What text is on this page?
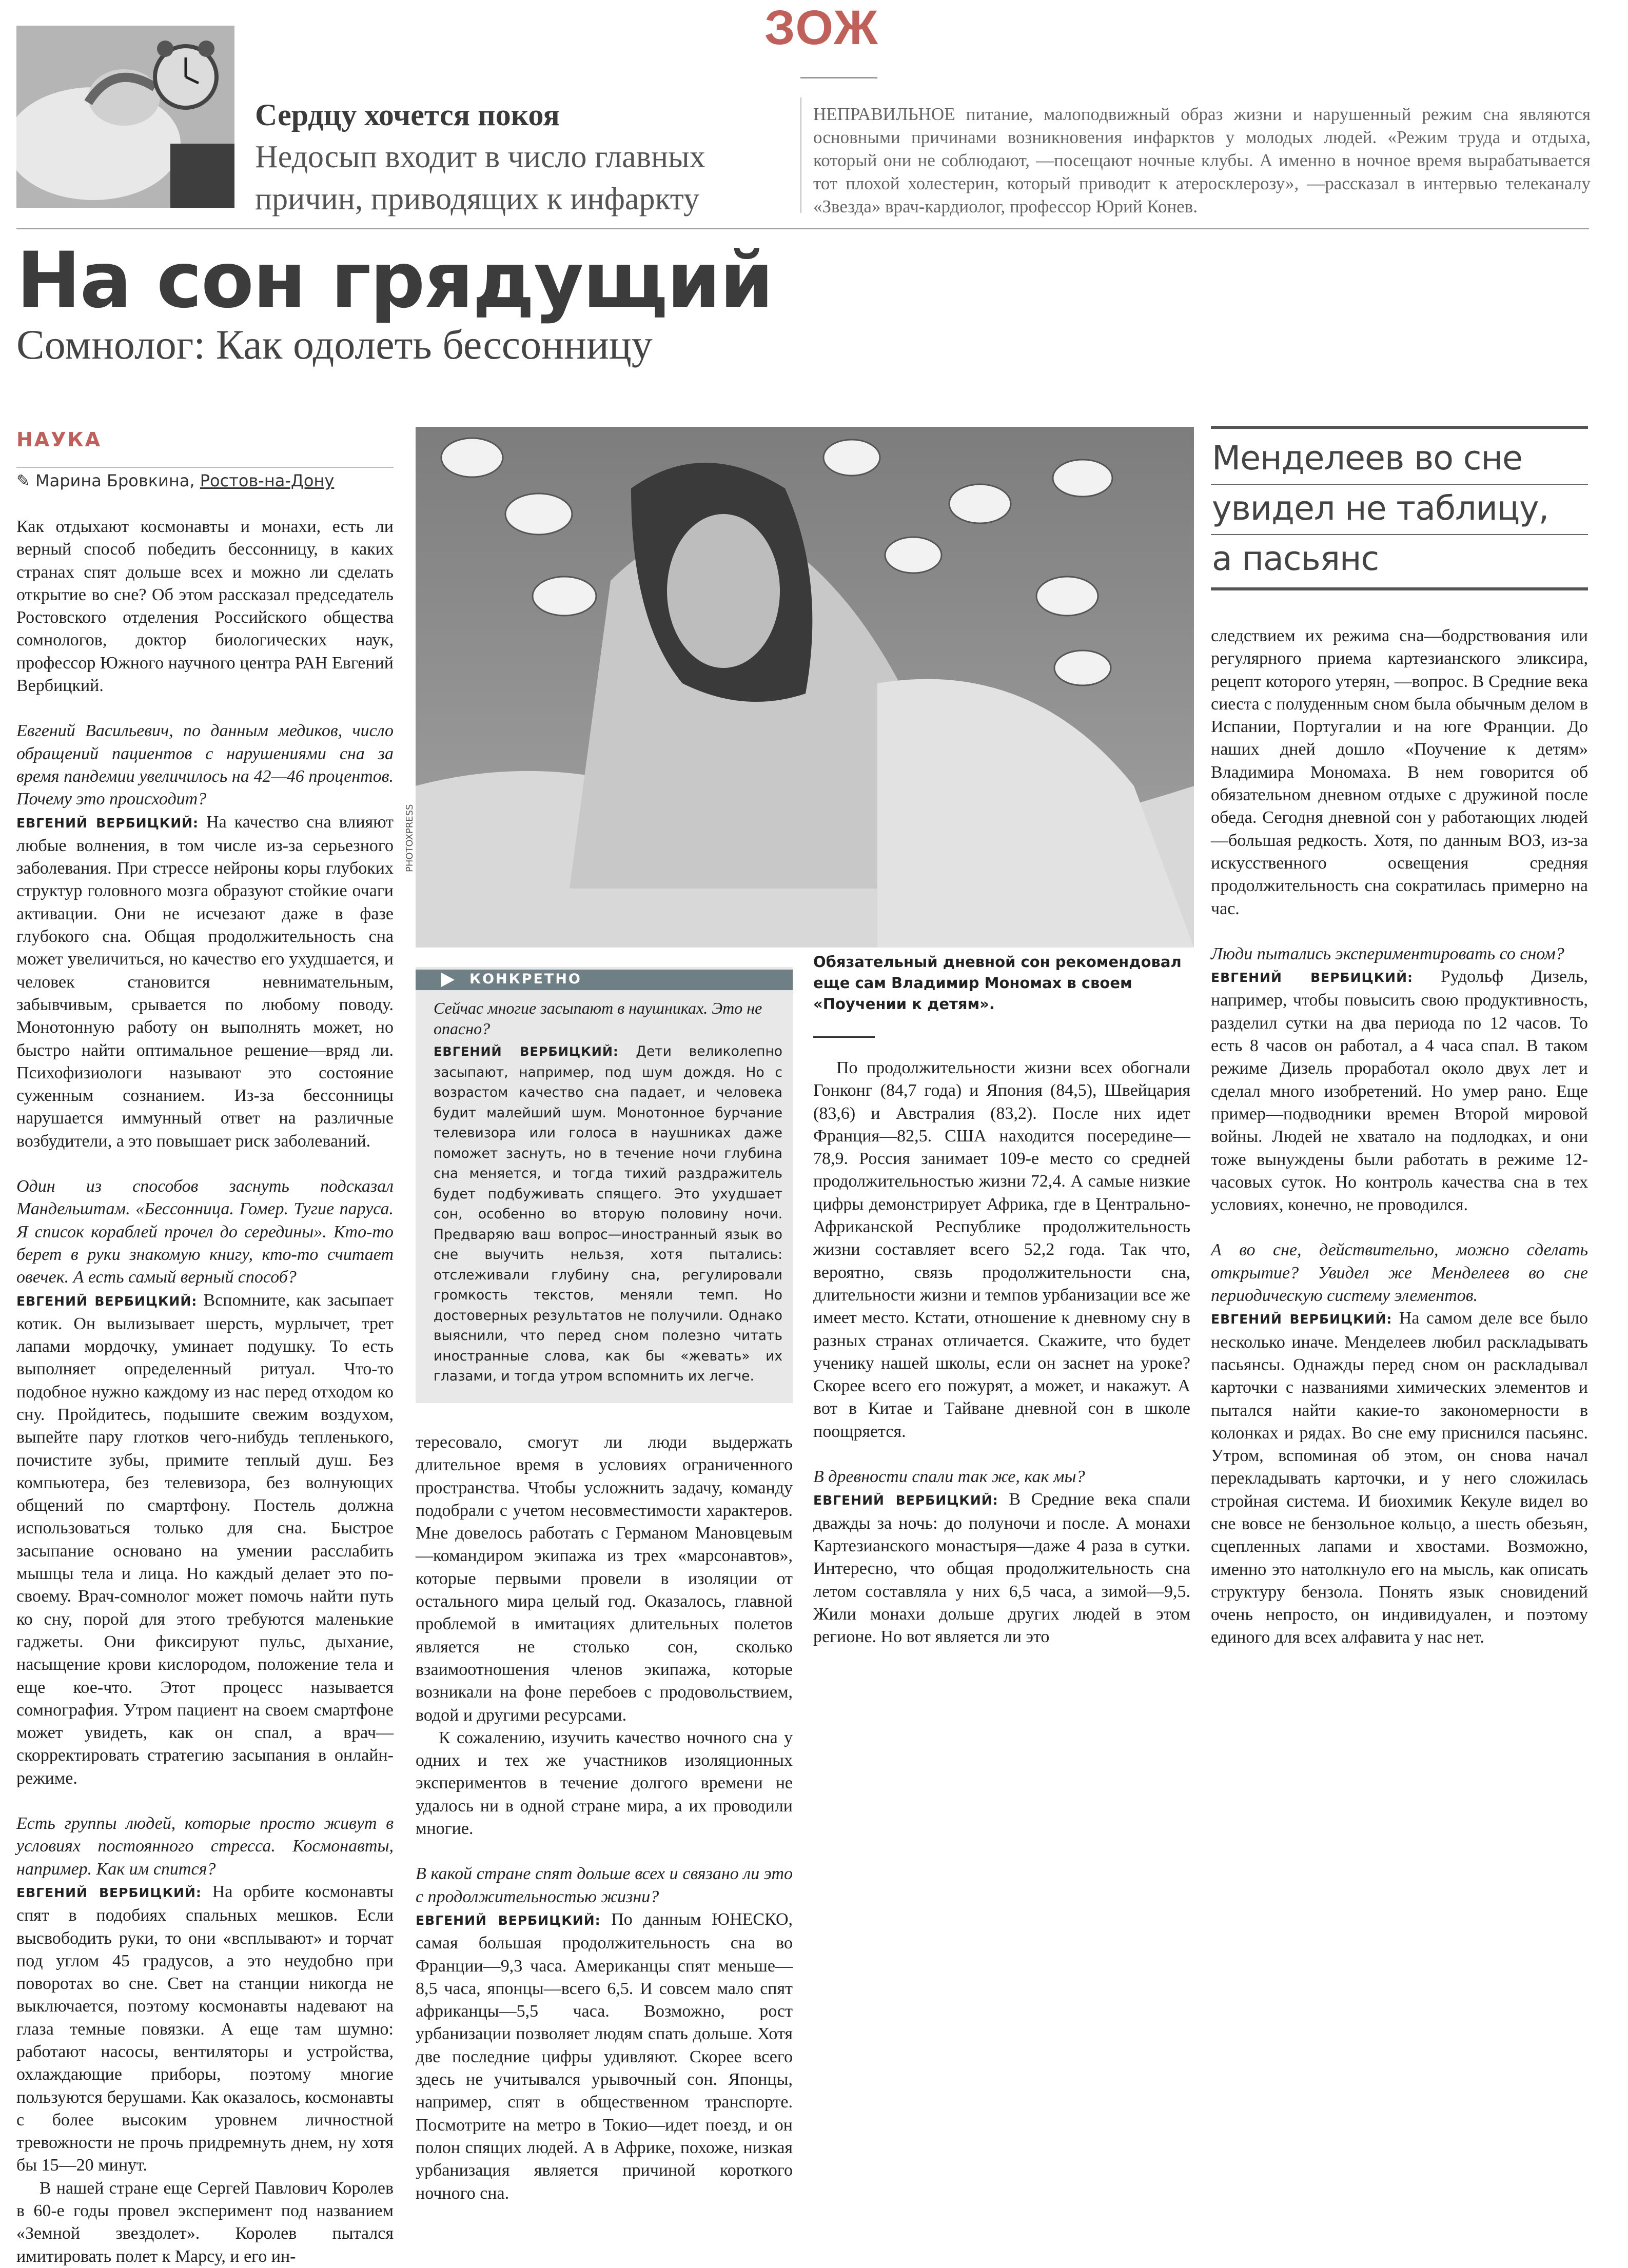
ЗОЖ
Сердцу хочется покоя
Недосып входит в число главных
причин, приводящих к инфаркту
НЕПРАВИЛЬНОЕ питание, малоподвижный образ жизни и нарушенный режим сна являются основными причинами возникновения инфарктов у молодых людей. «Режим труда и отдыха, который они не соблюдают, —посещают ночные клубы. А именно в ночное время вырабатывается тот плохой холестерин, который приводит к атеросклерозу», —рассказал в интервью телеканалу «Звезда» врач-кардиолог, профессор Юрий Конев.
На сон грядущий
Сомнолог: Как одолеть бессонницу
НАУКА
✎ Марина Бровкина, Ростов-на-Дону

Как отдыхают космонавты и монахи, есть ли верный способ победить бессонницу, в каких странах спят дольше всех и можно ли сделать открытие во сне? Об этом рассказал председатель Ростовского отделения Российского общества сомнологов, доктор биологических наук, профессор Южного научного центра РАН Евгений Вербицкий.

Евгений Васильевич, по данным медиков, число обращений пациентов с нарушениями сна за время пандемии увеличилось на 42—46 процентов. Почему это происходит?

ЕВГЕНИЙ ВЕРБИЦКИЙ: На качество сна влияют любые волнения, в том числе из-за серьезного заболевания. При стрессе нейроны коры глубоких структур головного мозга образуют стойкие очаги активации. Они не исчезают даже в фазе глубокого сна. Общая продолжительность сна может увеличиться, но качество его ухудшается, и человек становится невнимательным, забывчивым, срывается по любому поводу. Монотонную работу он выполнять может, но быстро найти оптимальное решение—вряд ли. Психофизиологи называют это состояние суженным сознанием. Из-за бессонницы нарушается иммунный ответ на различные возбудители, а это повышает риск заболеваний.

Один из способов заснуть подсказал Мандельштам. «Бессонница. Гомер. Тугие паруса. Я список кораблей прочел до середины». Кто-то берет в руки знакомую книгу, кто-то считает овечек. А есть самый верный способ?

ЕВГЕНИЙ ВЕРБИЦКИЙ: Вспомните, как засыпает котик. Он вылизывает шерсть, мурлычет, трет лапами мордочку, уминает подушку. То есть выполняет определенный ритуал. Что-то подобное нужно каждому из нас перед отходом ко сну. Пройдитесь, подышите свежим воздухом, выпейте пару глотков чего-нибудь тепленького, почистите зубы, примите теплый душ. Без компьютера, без телевизора, без волнующих общений по смартфону. Постель должна использоваться только для сна. Быстрое засыпание основано на умении расслабить мышцы тела и лица. Но каждый делает это по-своему. Врач-сомнолог может помочь найти путь ко сну, порой для этого требуются маленькие гаджеты. Они фиксируют пульс, дыхание, насыщение крови кислородом, положение тела и еще кое-что. Этот процесс называется сомнография. Утром пациент на своем смартфоне может увидеть, как он спал, а врач—скорректировать стратегию засыпания в онлайн-режиме.

Есть группы людей, которые просто живут в условиях постоянного стресса. Космонавты, например. Как им спится?

ЕВГЕНИЙ ВЕРБИЦКИЙ: На орбите космонавты спят в подобиях спальных мешков. Если высвободить руки, то они «всплывают» и торчат под углом 45 градусов, а это неудобно при поворотах во сне. Свет на станции никогда не выключается, поэтому космонавты надевают на глаза темные повязки. А еще там шумно: работают насосы, вентиляторы и устройства, охлаждающие приборы, поэтому многие пользуются берушами. Как оказалось, космонавты с более высоким уровнем личностной тревожности не прочь придремнуть днем, ну хотя бы 15—20 минут.

В нашей стране еще Сергей Павлович Королев в 60-е годы провел эксперимент под названием «Земной звездолет». Королев пытался имитировать полет к Марсу, и его ин-

PHOTOXPRESS
Обязательный дневной сон рекомендовал еще сам Владимир Мономах в своем «Поучении к детям».
КОНКРЕТНО
Сейчас многие засыпают в наушниках. Это не опасно?
ЕВГЕНИЙ ВЕРБИЦКИЙ: Дети великолепно засыпают, например, под шум дождя. Но с возрастом качество сна падает, и человека будит малейший шум. Монотонное бурчание телевизора или голоса в наушниках даже поможет заснуть, но в течение ночи глубина сна меняется, и тогда тихий раздражитель будет подбуживать спящего. Это ухудшает сон, особенно во вторую половину ночи. Предваряю ваш вопрос—иностранный язык во сне выучить нельзя, хотя пытались: отслеживали глубину сна, регулировали громкость текстов, меняли темп. Но достоверных результатов не получили. Однако выяснили, что перед сном полезно читать иностранные слова, как бы «жевать» их глазами, и тогда утром вспомнить их легче.

тересовало, смогут ли люди выдержать длительное время в условиях ограниченного пространства. Чтобы усложнить задачу, команду подобрали с учетом несовместимости характеров. Мне довелось работать с Германом Мановцевым—командиром экипажа из трех «марсонавтов», которые первыми провели в изоляции от остального мира целый год. Оказалось, главной проблемой в имитациях длительных полетов является не столько сон, сколько взаимоотношения членов экипажа, которые возникали на фоне перебоев с продовольствием, водой и другими ресурсами.

К сожалению, изучить качество ночного сна у одних и тех же участников изоляционных экспериментов в течение долгого времени не удалось ни в одной стране мира, а их проводили многие.

В какой стране спят дольше всех и связано ли это с продолжительностью жизни?

ЕВГЕНИЙ ВЕРБИЦКИЙ: По данным ЮНЕСКО, самая большая продолжительность сна во Франции—9,3 часа. Американцы спят меньше—8,5 часа, японцы—всего 6,5. И совсем мало спят африканцы—5,5 часа. Возможно, рост урбанизации позволяет людям спать дольше. Хотя две последние цифры удивляют. Скорее всего здесь не учитывался урывочный сон. Японцы, например, спят в общественном транспорте. Посмотрите на метро в Токио—идет поезд, и он полон спящих людей. А в Африке, похоже, низкая урбанизация является причиной короткого ночного сна.

По продолжительности жизни всех обогнали Гонконг (84,7 года) и Япония (84,5), Швейцария (83,6) и Австралия (83,2). После них идет Франция—82,5. США находится посередине—78,9. Россия занимает 109-е место со средней продолжительностью жизни 72,4. А самые низкие цифры демонстрирует Африка, где в Центрально-Африканской Республике продолжительность жизни составляет всего 52,2 года. Так что, вероятно, связь продолжительности сна, длительности жизни и темпов урбанизации все же имеет место. Кстати, отношение к дневному сну в разных странах отличается. Скажите, что будет ученику нашей школы, если он заснет на уроке? Скорее всего его пожурят, а может, и накажут. А вот в Китае и Тайване дневной сон в школе поощряется.

В древности спали так же, как мы?

ЕВГЕНИЙ ВЕРБИЦКИЙ: В Средние века спали дважды за ночь: до полуночи и после. А монахи Картезианского монастыря—даже 4 раза в сутки. Интересно, что общая продолжительность сна летом составляла у них 6,5 часа, а зимой—9,5. Жили монахи дольше других людей в этом регионе. Но вот является ли это

Менделеев во сне
увидел не таблицу,
а пасьянс

следствием их режима сна—бодрствования или регулярного приема картезианского эликсира, рецепт которого утерян, —вопрос. В Средние века сиеста с полуденным сном была обычным делом в Испании, Португалии и на юге Франции. До наших дней дошло «Поучение к детям» Владимира Мономаха. В нем говорится об обязательном дневном отдыхе с дружиной после обеда. Сегодня дневной сон у работающих людей—большая редкость. Хотя, по данным ВОЗ, из-за искусственного освещения средняя продолжительность сна сократилась примерно на час.

Люди пытались экспериментировать со сном?

ЕВГЕНИЙ ВЕРБИЦКИЙ: Рудольф Дизель, например, чтобы повысить свою продуктивность, разделил сутки на два периода по 12 часов. То есть 8 часов он работал, а 4 часа спал. В таком режиме Дизель проработал около двух лет и сделал много изобретений. Но умер рано. Еще пример—подводники времен Второй мировой войны. Людей не хватало на подлодках, и они тоже вынуждены были работать в режиме 12-часовых суток. Но контроль качества сна в тех условиях, конечно, не проводился.

А во сне, действительно, можно сделать открытие? Увидел же Менделеев во сне периодическую систему элементов.

ЕВГЕНИЙ ВЕРБИЦКИЙ: На самом деле все было несколько иначе. Менделеев любил раскладывать пасьянсы. Однажды перед сном он раскладывал карточки с названиями химических элементов и пытался найти какие-то закономерности в колонках и рядах. Во сне ему приснился пасьянс. Утром, вспоминая об этом, он снова начал перекладывать карточки, и у него сложилась стройная система. И биохимик Кекуле видел во сне вовсе не бензольное кольцо, а шесть обезьян, сцепленных лапами и хвостами. Возможно, именно это натолкнуло его на мысль, как описать структуру бензола. Понять язык сновидений очень непросто, он индивидуален, и поэтому единого для всех алфавита у нас нет.
